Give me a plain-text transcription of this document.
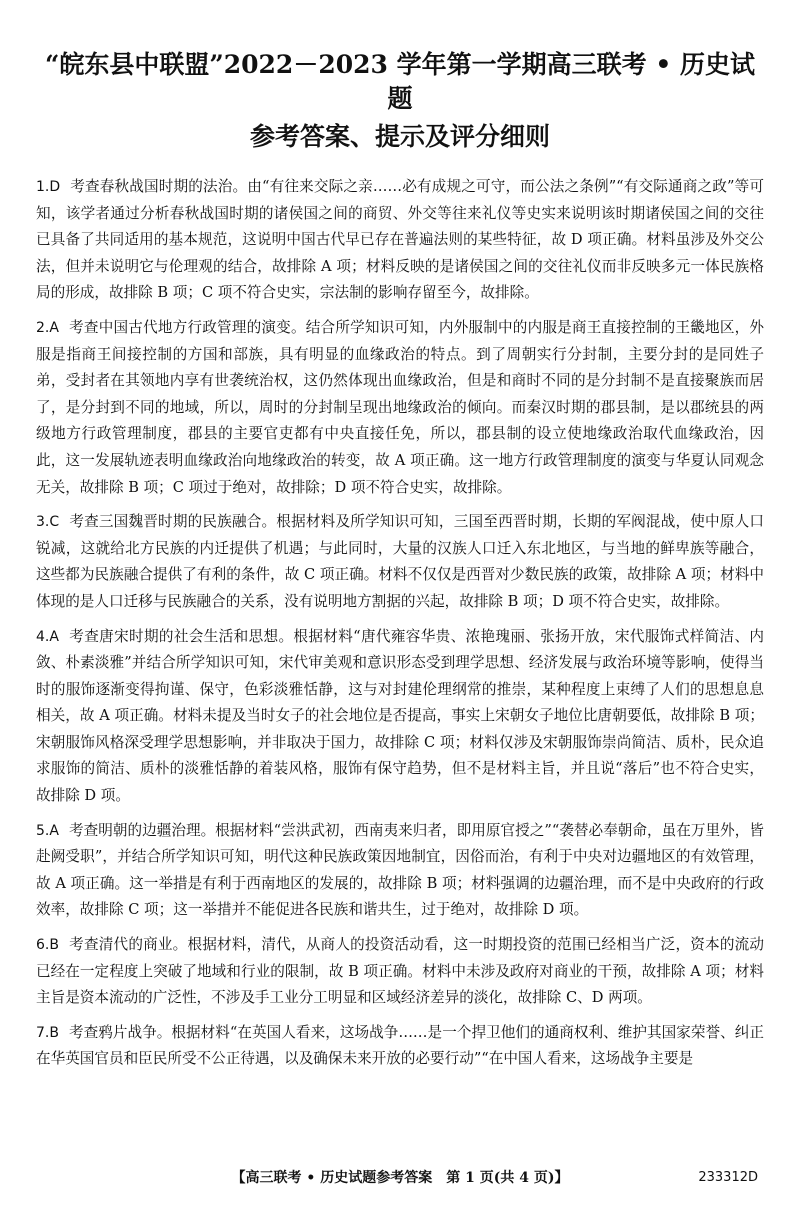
“皖东县中联盟”2022－2023 学年第一学期高三联考 • 历史试题
参考答案、提示及评分细则

1.D 考查春秋战国时期的法治。由“有往来交际之亲……必有成规之可守，而公法之条例”“有交际通商之政”等可知，该学者通过分析春秋战国时期的诸侯国之间的商贸、外交等往来礼仪等史实来说明该时期诸侯国之间的交往已具备了共同适用的基本规范，这说明中国古代早已存在普遍法则的某些特征，故 D 项正确。材料虽涉及外交公法，但并未说明它与伦理观的结合，故排除 A 项；材料反映的是诸侯国之间的交往礼仪而非反映多元一体民族格局的形成，故排除 B 项；C 项不符合史实，宗法制的影响存留至今，故排除。

2.A 考查中国古代地方行政管理的演变。结合所学知识可知，内外服制中的内服是商王直接控制的王畿地区，外服是指商王间接控制的方国和部族，具有明显的血缘政治的特点。到了周朝实行分封制，主要分封的是同姓子弟，受封者在其领地内享有世袭统治权，这仍然体现出血缘政治，但是和商时不同的是分封制不是直接聚族而居了，是分封到不同的地域，所以，周时的分封制呈现出地缘政治的倾向。而秦汉时期的郡县制，是以郡统县的两级地方行政管理制度，郡县的主要官吏都有中央直接任免，所以，郡县制的设立使地缘政治取代血缘政治，因此，这一发展轨迹表明血缘政治向地缘政治的转变，故 A 项正确。这一地方行政管理制度的演变与华夏认同观念无关，故排除 B 项；C 项过于绝对，故排除；D 项不符合史实，故排除。

3.C 考查三国魏晋时期的民族融合。根据材料及所学知识可知，三国至西晋时期，长期的军阀混战，使中原人口锐减，这就给北方民族的内迁提供了机遇；与此同时，大量的汉族人口迁入东北地区，与当地的鲜卑族等融合，这些都为民族融合提供了有利的条件，故 C 项正确。材料不仅仅是西晋对少数民族的政策，故排除 A 项；材料中体现的是人口迁移与民族融合的关系，没有说明地方割据的兴起，故排除 B 项；D 项不符合史实，故排除。

4.A 考查唐宋时期的社会生活和思想。根据材料“唐代雍容华贵、浓艳瑰丽、张扬开放，宋代服饰式样简洁、内敛、朴素淡雅”并结合所学知识可知，宋代审美观和意识形态受到理学思想、经济发展与政治环境等影响，使得当时的服饰逐渐变得拘谨、保守，色彩淡雅恬静，这与对封建伦理纲常的推崇，某种程度上束缚了人们的思想息息相关，故 A 项正确。材料未提及当时女子的社会地位是否提高，事实上宋朝女子地位比唐朝要低，故排除 B 项；宋朝服饰风格深受理学思想影响，并非取决于国力，故排除 C 项；材料仅涉及宋朝服饰崇尚简洁、质朴，民众追求服饰的简洁、质朴的淡雅恬静的着装风格，服饰有保守趋势，但不是材料主旨，并且说“落后”也不符合史实，故排除 D 项。

5.A 考查明朝的边疆治理。根据材料“尝洪武初，西南夷来归者，即用原官授之”“袭替必奉朝命，虽在万里外，皆赴阙受职”，并结合所学知识可知，明代这种民族政策因地制宜，因俗而治，有利于中央对边疆地区的有效管理，故 A 项正确。这一举措是有利于西南地区的发展的，故排除 B 项；材料强调的边疆治理，而不是中央政府的行政效率，故排除 C 项；这一举措并不能促进各民族和谐共生，过于绝对，故排除 D 项。

6.B 考查清代的商业。根据材料，清代，从商人的投资活动看，这一时期投资的范围已经相当广泛，资本的流动已经在一定程度上突破了地域和行业的限制，故 B 项正确。材料中未涉及政府对商业的干预，故排除 A 项；材料主旨是资本流动的广泛性，不涉及手工业分工明显和区域经济差异的淡化，故排除 C、D 两项。

7.B 考查鸦片战争。根据材料“在英国人看来，这场战争……是一个捍卫他们的通商权利、维护其国家荣誉、纠正在华英国官员和臣民所受不公正待遇，以及确保未来开放的必要行动”“在中国人看来，这场战争主要是

【高三联考 • 历史试题参考答案　第 1 页(共 4 页)】	233312D
